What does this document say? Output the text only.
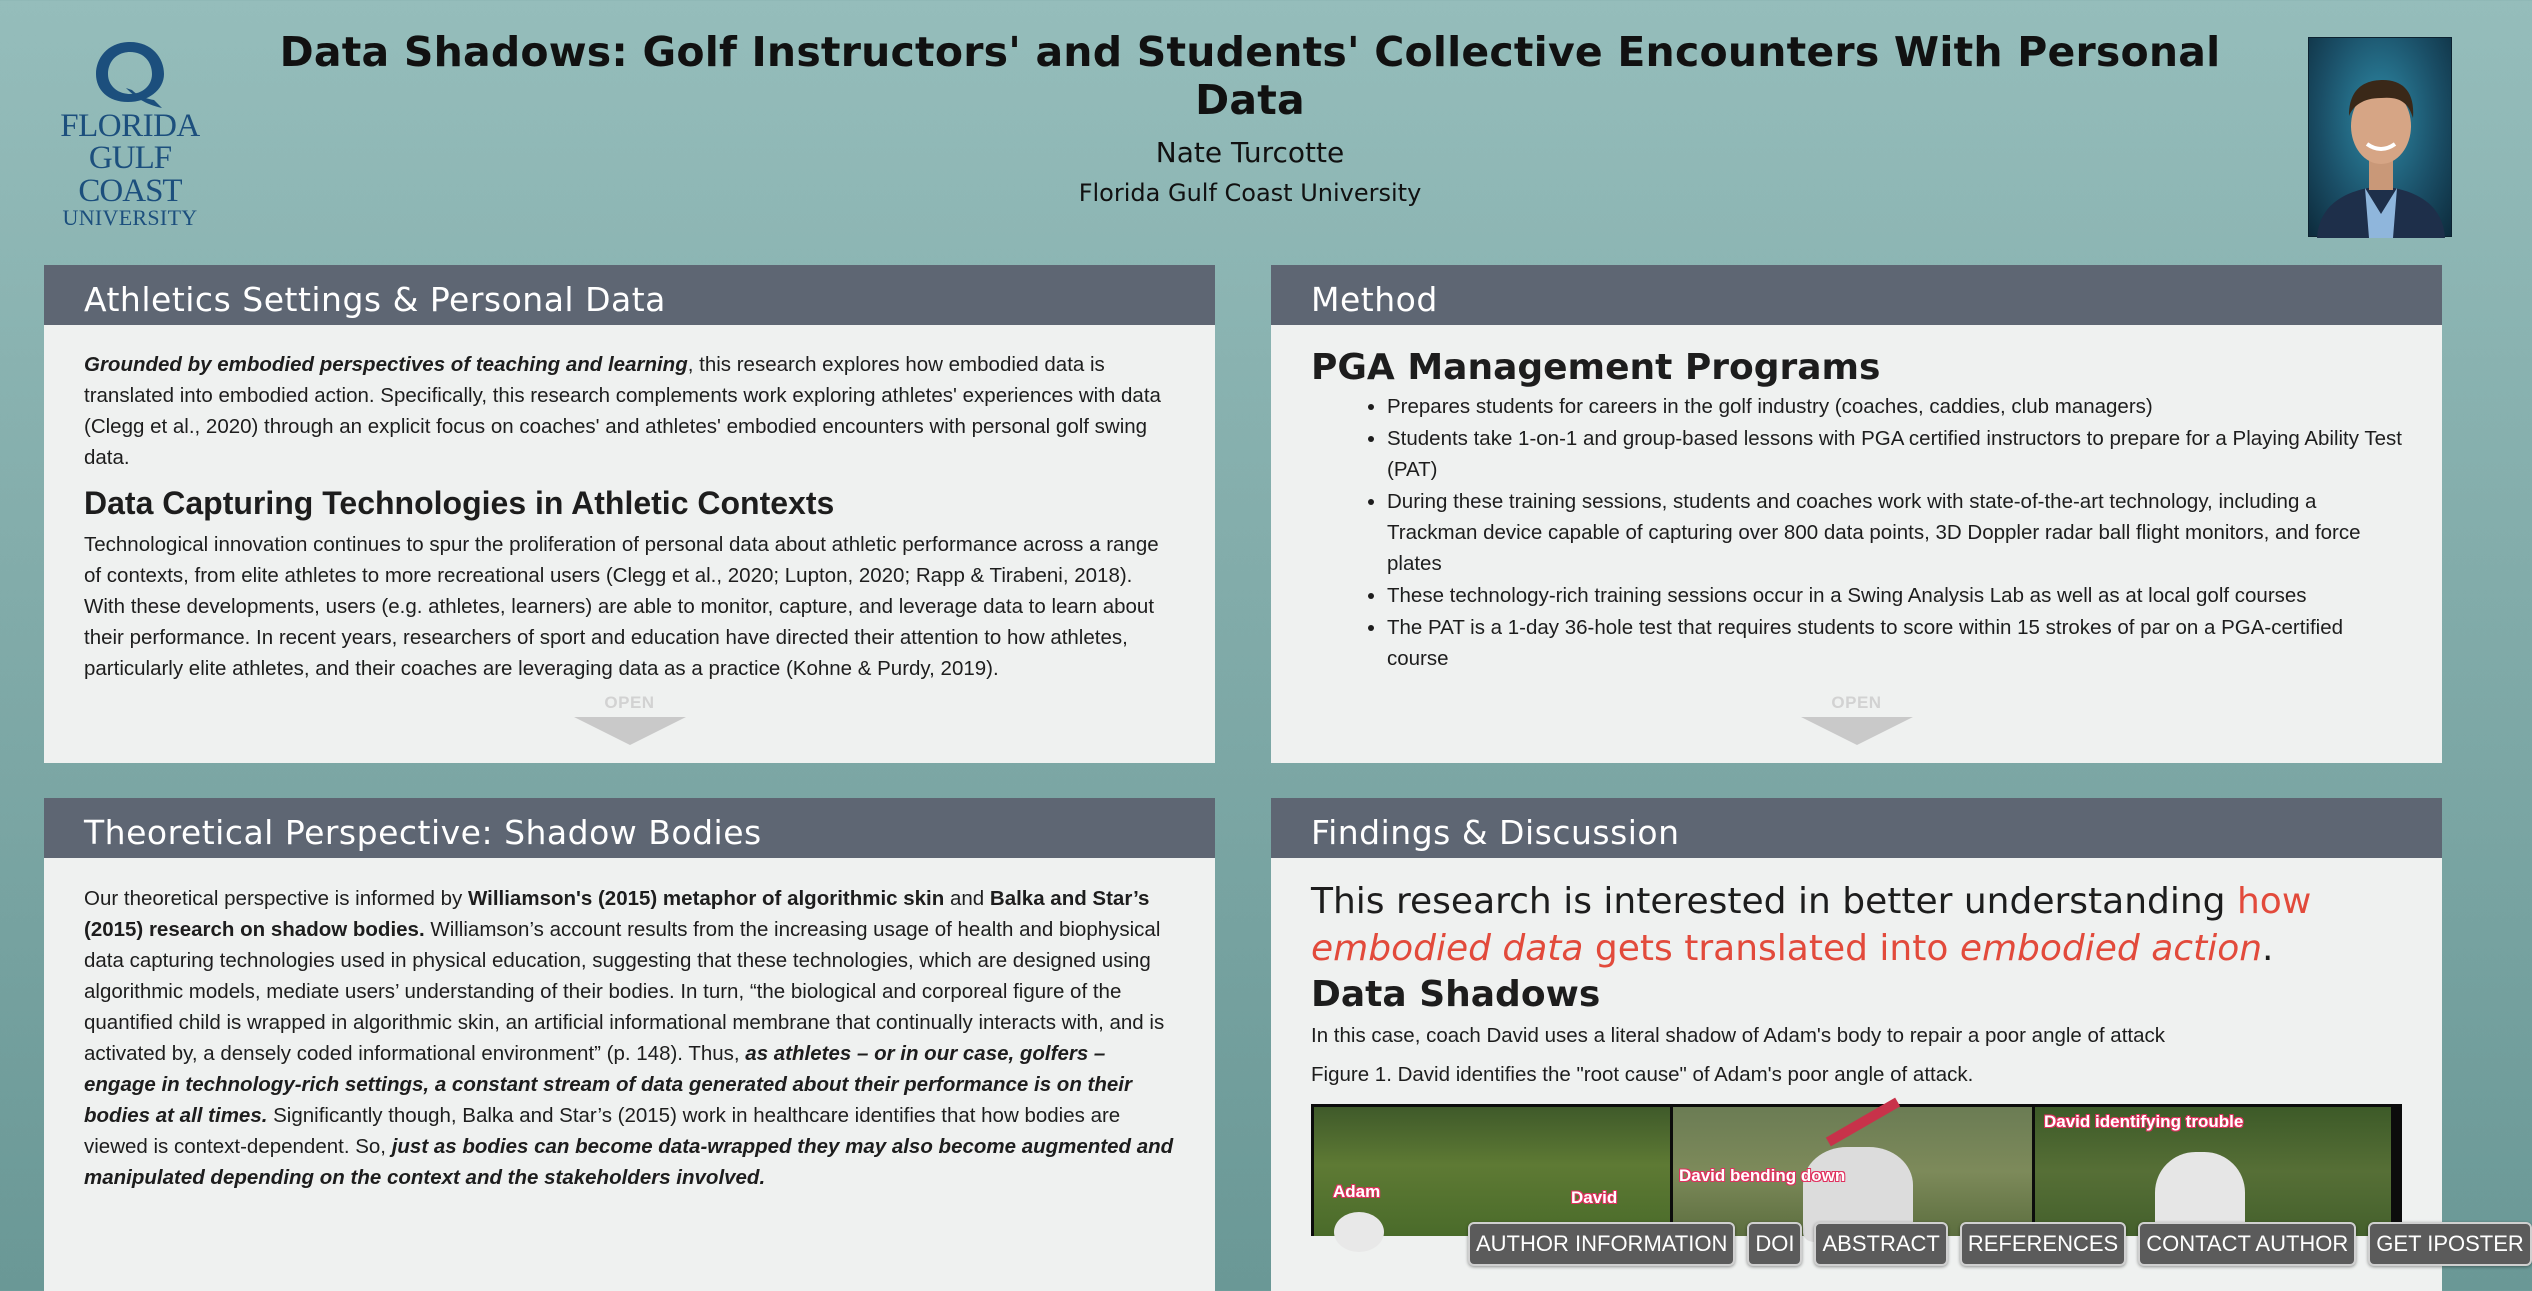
FLORIDA
GULF COAST
UNIVERSITY
Data Shadows: Golf Instructors' and Students' Collective Encounters With Personal Data
Nate Turcotte
Florida Gulf Coast University
Athletics Settings & Personal Data

Grounded by embodied perspectives of teaching and learning, this research explores how embodied data is translated into embodied action. Specifically, this research complements work exploring athletes' experiences with data (Clegg et al., 2020) through an explicit focus on coaches' and athletes' embodied encounters with personal golf swing data.

Data Capturing Technologies in Athletic Contexts

Technological innovation continues to spur the proliferation of personal data about athletic performance across a range of contexts, from elite athletes to more recreational users (Clegg et al., 2020; Lupton, 2020; Rapp & Tirabeni, 2018). With these developments, users (e.g. athletes, learners) are able to monitor, capture, and leverage data to learn about their performance. In recent years, researchers of sport and education have directed their attention to how athletes, particularly elite athletes, and their coaches are leveraging data as a practice (Kohne & Purdy, 2019).

OPEN
Method
PGA Management Programs
• Prepares students for careers in the golf industry (coaches, caddies, club managers)
• Students take 1-on-1 and group-based lessons with PGA certified instructors to prepare for a Playing Ability Test (PAT)
• During these training sessions, students and coaches work with state-of-the-art technology, including a Trackman device capable of capturing over 800 data points, 3D Doppler radar ball flight monitors, and force plates
• These technology-rich training sessions occur in a Swing Analysis Lab as well as at local golf courses
• The PAT is a 1-day 36-hole test that requires students to score within 15 strokes of par on a PGA-certified course
OPEN
Theoretical Perspective: Shadow Bodies

Our theoretical perspective is informed by Williamson's (2015) metaphor of algorithmic skin and Balka and Star’s (2015) research on shadow bodies. Williamson’s account results from the increasing usage of health and biophysical data capturing technologies used in physical education, suggesting that these technologies, which are designed using algorithmic models, mediate users’ understanding of their bodies. In turn, “the biological and corporeal figure of the quantified child is wrapped in algorithmic skin, an artificial informational membrane that continually interacts with, and is activated by, a densely coded informational environment” (p. 148). Thus, as athletes – or in our case, golfers – engage in technology-rich settings, a constant stream of data generated about their performance is on their bodies at all times. Significantly though, Balka and Star’s (2015) work in healthcare identifies that how bodies are viewed is context-dependent. So, just as bodies can become data-wrapped they may also become augmented and manipulated depending on the context and the stakeholders involved.

Findings & Discussion

This research is interested in better understanding how embodied data gets translated into embodied action.

Data Shadows

In this case, coach David uses a literal shadow of Adam's body to repair a poor angle of attack

Figure 1. David identifies the "root cause" of Adam's poor angle of attack.

Adam	David
David bending down
David identifying trouble
AUTHOR INFORMATION	DOI	ABSTRACT	REFERENCES	CONTACT AUTHOR	GET IPOSTER
